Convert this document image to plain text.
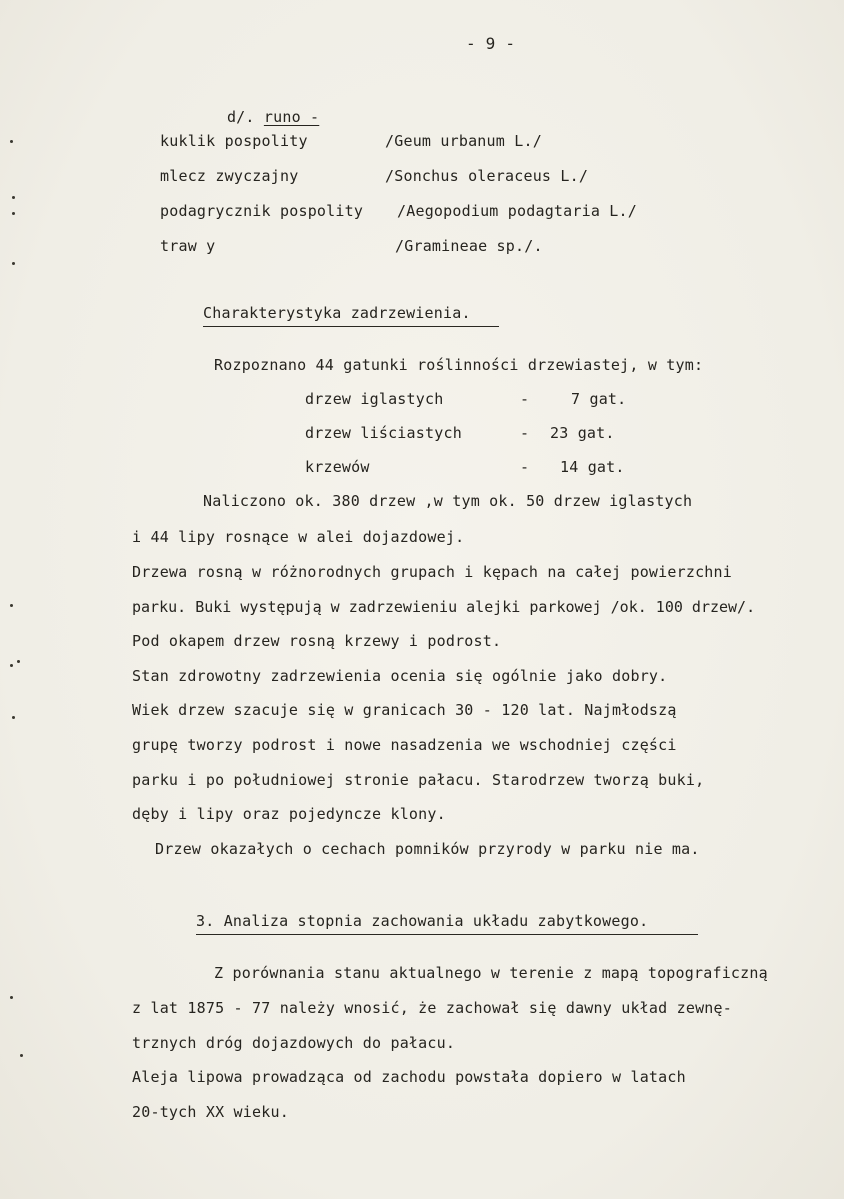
- 9 -

d/. runo -

kuklik pospolity	/Geum urbanum L./
mlecz zwyczajny	/Sonchus oleraceus L./
podagrycznik pospolity /Aegopodium podagtaria L./
traw y	/Gramineae sp./.
Charakterystyka zadrzewienia.
Rozpoznano 44 gatunki roślinności drzewiastej, w tym:
drzew iglastych	-	7 gat.
drzew liściastych	- 23 gat.
krzewów	- 14 gat.
Naliczono ok. 380 drzew ,w tym ok. 50 drzew iglastych
i 44 lipy rosnące w alei dojazdowej.
Drzewa rosną w różnorodnych grupach i kępach na całej powierzchni
parku. Buki występują w zadrzewieniu alejki parkowej /ok. 100 drzew/.
Pod okapem drzew rosną krzewy i podrost.
Stan zdrowotny zadrzewienia ocenia się ogólnie jako dobry.
Wiek drzew szacuje się w granicach 30 - 120 lat. Najmłodszą
grupę tworzy podrost i nowe nasadzenia we wschodniej części
parku i po południowej stronie pałacu. Starodrzew tworzą buki,
dęby i lipy oraz pojedyncze klony.
Drzew okazałych o cechach pomników przyrody w parku nie ma.
3. Analiza stopnia zachowania układu zabytkowego.
Z porównania stanu aktualnego w terenie z mapą topograficzną
z lat 1875 - 77 należy wnosić, że zachował się dawny układ zewnę-
trznych dróg dojazdowych do pałacu.
Aleja lipowa prowadząca od zachodu powstała dopiero w latach
20-tych XX wieku.
